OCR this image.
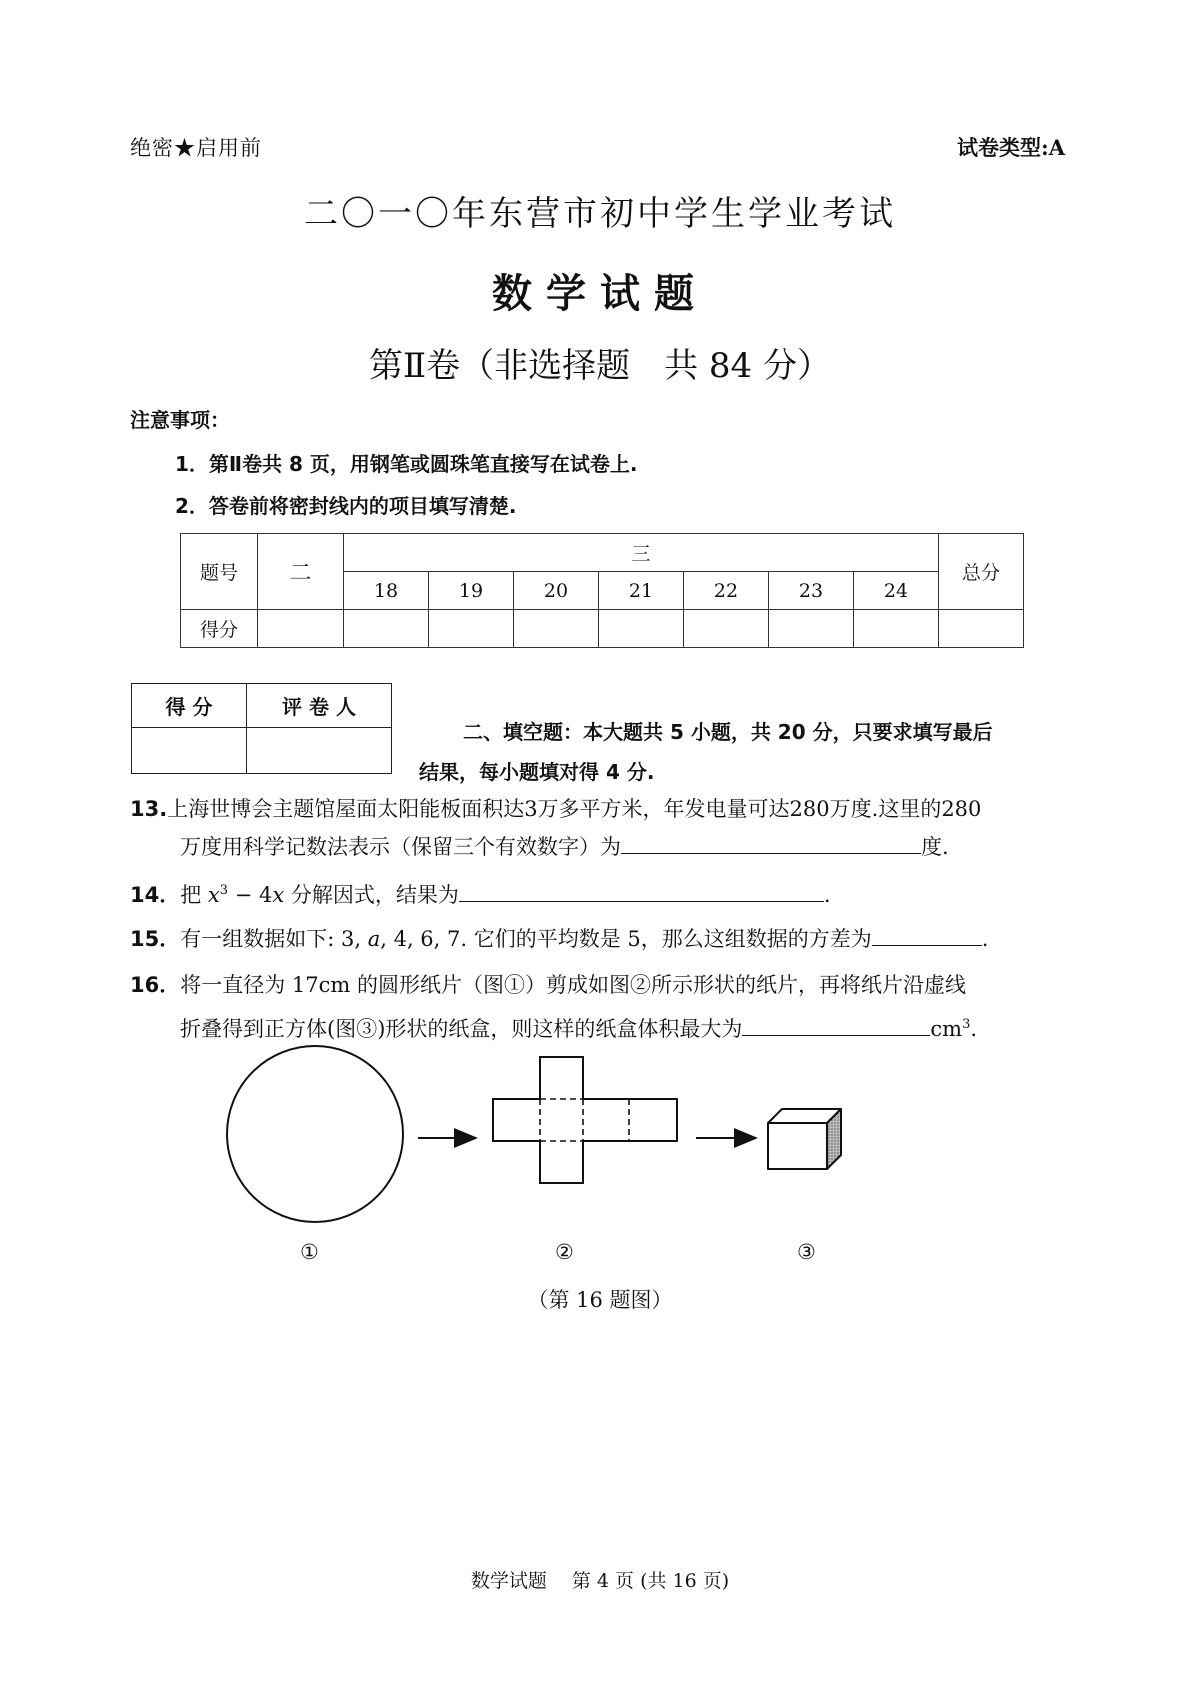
绝密★启用前	试卷类型:A
二〇一〇年东营市初中学生学业考试
数学试题
第Ⅱ卷（非选择题　共 84 分）
注意事项：
1．第Ⅱ卷共 8 页，用钢笔或圆珠笔直接写在试卷上.
2．答卷前将密封线内的项目填写清楚.
题号	二	三							总分
		18	19	20	21	22	23	24	
得分									
得 分	评 卷 人

二、填空题：本大题共 5 小题，共 20 分，只要求填写最后
结果，每小题填对得 4 分.
13.上海世博会主题馆屋面太阳能板面积达3万多平方米，年发电量可达280万度.这里的280
万度用科学记数法表示（保留三个有效数字）为	度.
14．把 $x^3 - 4x$ 分解因式，结果为	.
15．有一组数据如下: 3, a, 4, 6, 7. 它们的平均数是 5，那么这组数据的方差为	.
16．将一直径为 17cm 的圆形纸片（图①）剪成如图②所示形状的纸片，再将纸片沿虚线
折叠得到正方体(图③)形状的纸盒，则这样的纸盒体积最大为	$cm^3$.
①	②	③
（第 16 题图）
数学试题　 第 4 页 (共 16 页)
